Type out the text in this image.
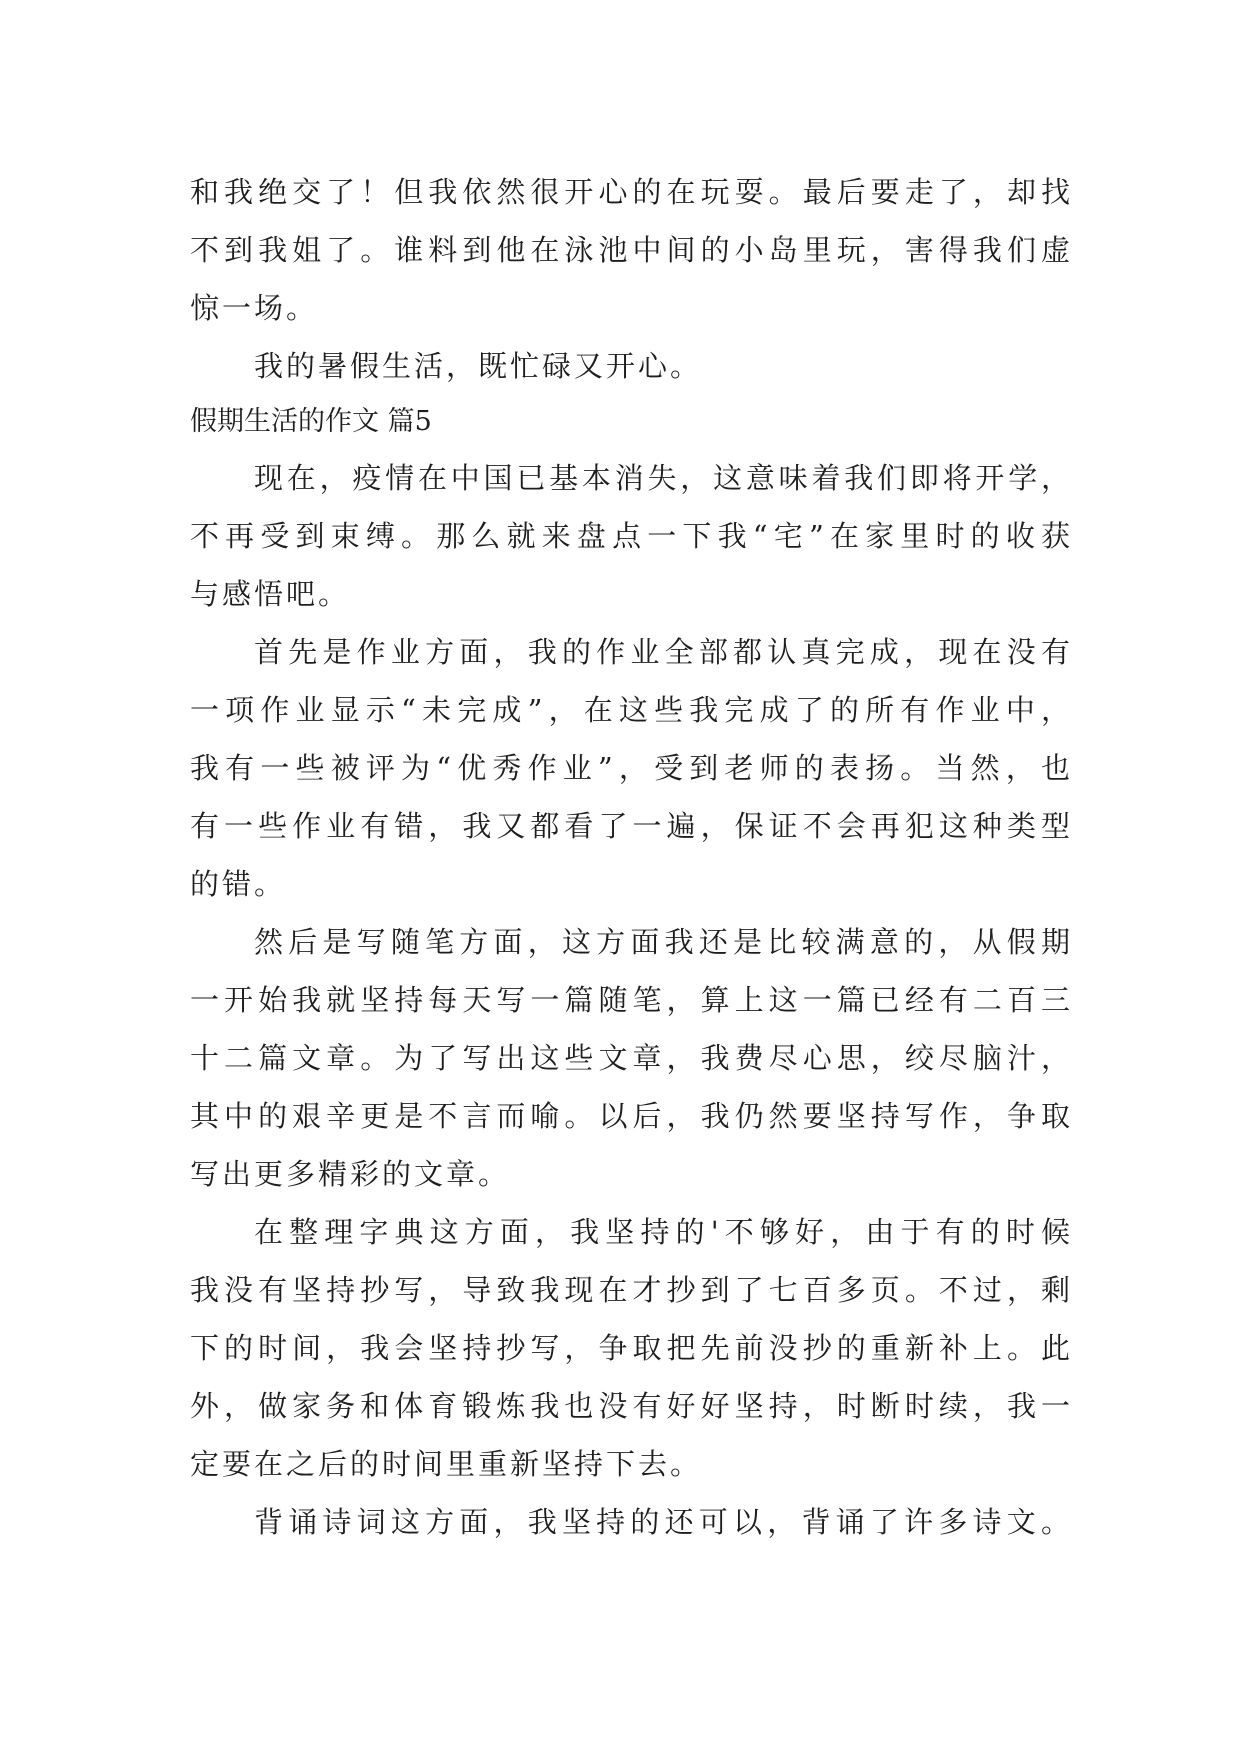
和我绝交了！但我依然很开心的在玩耍。最后要走了，却找
不到我姐了。谁料到他在泳池中间的小岛里玩，害得我们虚
惊一场。
我的暑假生活，既忙碌又开心。
假期生活的作文 篇5
现在，疫情在中国已基本消失，这意味着我们即将开学，
不再受到束缚。那么就来盘点一下我“宅”在家里时的收获
与感悟吧。
首先是作业方面，我的作业全部都认真完成，现在没有
一项作业显示“未完成”，在这些我完成了的所有作业中，
我有一些被评为“优秀作业”，受到老师的表扬。当然，也
有一些作业有错，我又都看了一遍，保证不会再犯这种类型
的错。
然后是写随笔方面，这方面我还是比较满意的，从假期
一开始我就坚持每天写一篇随笔，算上这一篇已经有二百三
十二篇文章。为了写出这些文章，我费尽心思，绞尽脑汁，
其中的艰辛更是不言而喻。以后，我仍然要坚持写作，争取
写出更多精彩的文章。
在整理字典这方面，我坚持的'不够好，由于有的时候
我没有坚持抄写，导致我现在才抄到了七百多页。不过，剩
下的时间，我会坚持抄写，争取把先前没抄的重新补上。此
外，做家务和体育锻炼我也没有好好坚持，时断时续，我一
定要在之后的时间里重新坚持下去。
背诵诗词这方面，我坚持的还可以，背诵了许多诗文。
